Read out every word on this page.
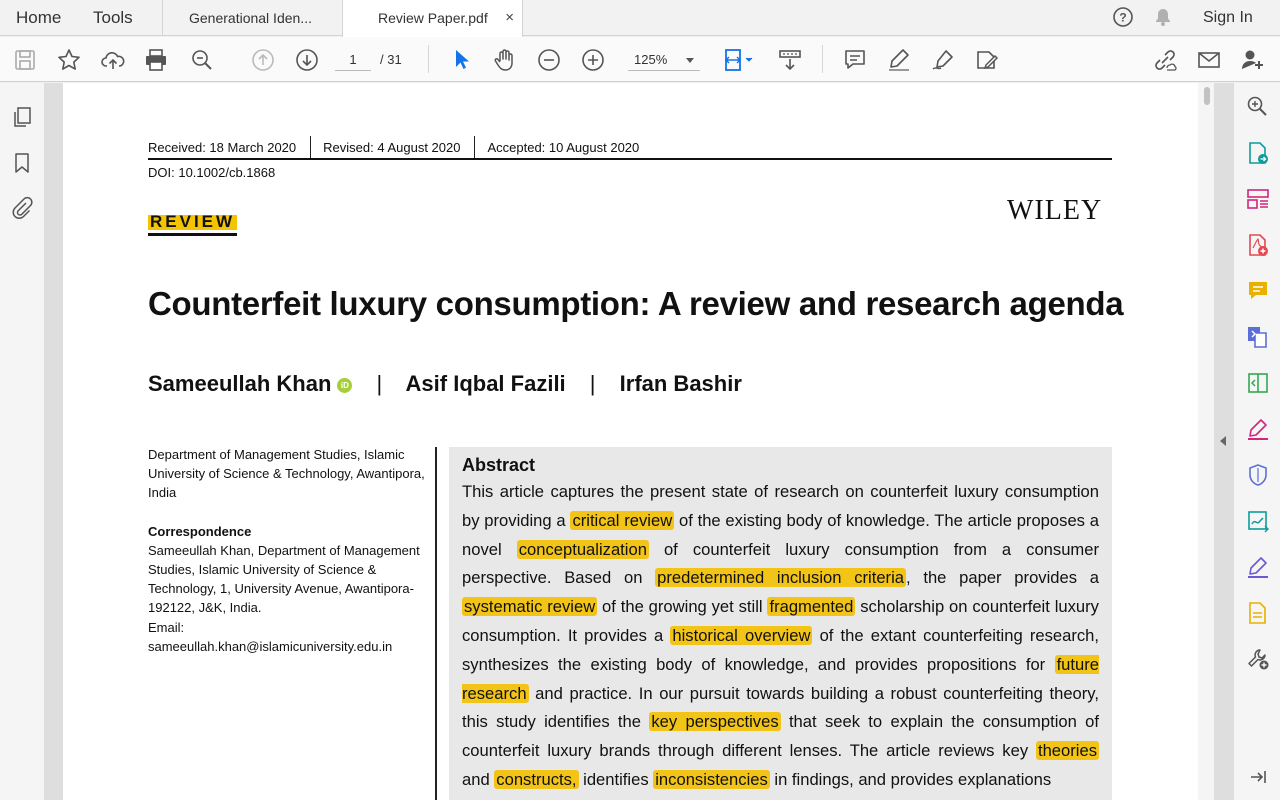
Home Tools	Generational Iden...	Review Paper.pdf ×	?	Sign In
1
/ 31	125%
Received: 18 March 2020 Revised: 4 August 2020 Accepted: 10 August 2020
DOI: 10.1002/cb.1868
REVIEW	WILEY
Counterfeit luxury consumption: A review and research agenda
Sameeullah Khan iD | Asif Iqbal Fazili | Irfan Bashir
Department of Management Studies, Islamic University of Science & Technology, Awantipora, India
Correspondence
Sameeullah Khan, Department of Management Studies, Islamic University of Science & Technology, 1, University Avenue, Awantipora-192122, J&K, India.
Email: sameeullah.khan@islamicuniversity.edu.in
Abstract

This article captures the present state of research on counterfeit luxury consumption by providing a critical review of the existing body of knowledge. The article proposes a novel conceptualization of counterfeit luxury consumption from a consumer perspective. Based on predetermined inclusion criteria , the paper provides a systematic review of the growing yet still fragmented scholarship on counterfeit luxury consumption. It provides a historical overview of the extant counterfeiting research, synthesizes the existing body of knowledge, and provides propositions for future research and practice. In our pursuit towards building a robust counterfeiting theory, this study identifies the key perspectives that seek to explain the consumption of counterfeit luxury brands through different lenses. The article reviews key theories and constructs, identifies inconsistencies in findings, and provides explanations
